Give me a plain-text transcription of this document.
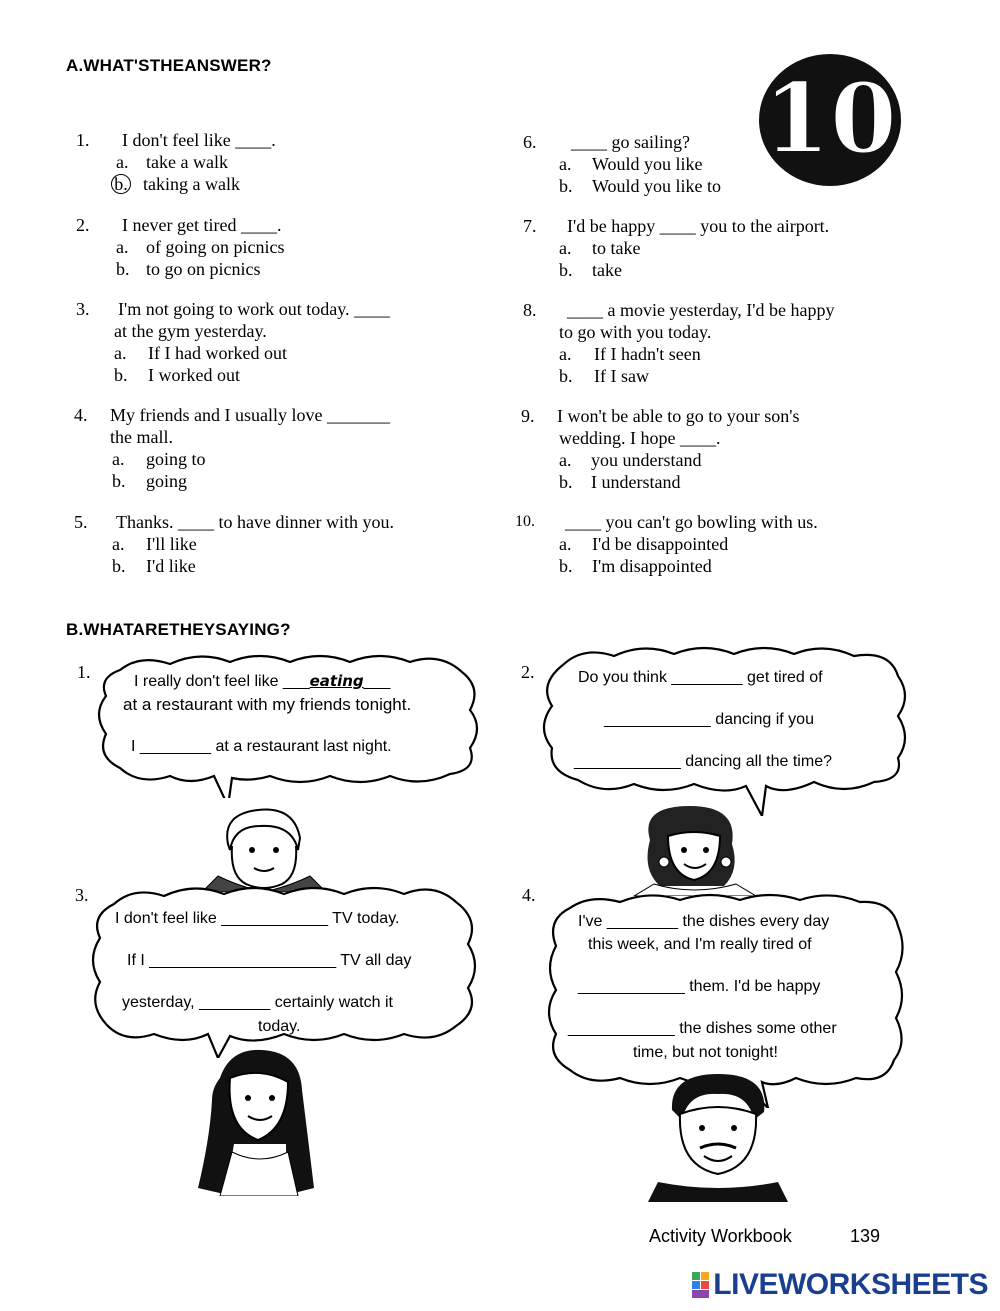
A.WHAT'STHEANSWER?	10
1. I don't feel like ____.
a. take a walk
b. taking a walk
2. I never get tired ____.
a. of going on picnics
b. to go on picnics
3. I'm not going to work out today. ____
at the gym yesterday.
a. If I had worked out
b. I worked out
4. My friends and I usually love _______
the mall.
a. going to
b. going
5. Thanks. ____ to have dinner with you.
a. I'll like
b. I'd like
6. ____ go sailing?
a. Would you like
b. Would you like to
7. I'd be happy ____ you to the airport.
a. to take
b. take
8. ____ a movie yesterday, I'd be happy
to go with you today.
a. If I hadn't seen
b. If I saw
9. I won't be able to go to your son's
wedding. I hope ____.
a. you understand
b. I understand
10. ____ you can't go bowling with us.
a. I'd be disappointed
b. I'm disappointed
B.WHATARETHEYSAYING?
1.	I really don't feel like ___eating___
at a restaurant with my friends tonight.
I ________ at a restaurant last night.
2.	Do you think ________ get tired of
____________ dancing if you
____________ dancing all the time?
3.
I don't feel like ____________ TV today.
If I _____________________ TV all day
yesterday, ________ certainly watch it
today.
4.
I've ________ the dishes every day
this week, and I'm really tired of
____________ them. I'd be happy
____________ the dishes some other
time, but not tonight!
Activity Workbook	139
LIVEWORKSHEETS
